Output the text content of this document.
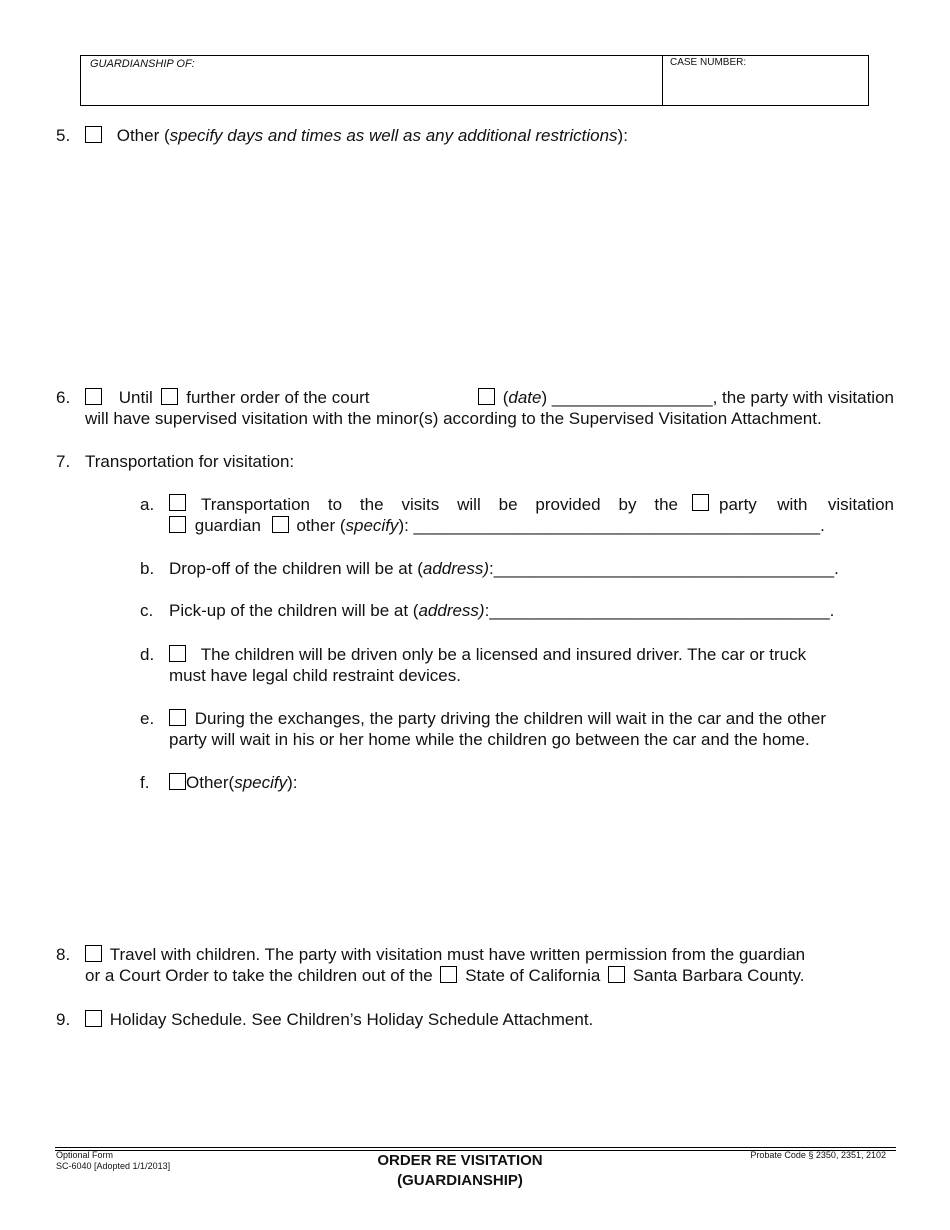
GUARDIANSHIP OF:	CASE NUMBER:
5.	Other (specify days and times as well as any additional restrictions):
6.	Until further order of the court	(date) _________________, the party with visitation
will have supervised visitation with the minor(s) according to the Supervised Visitation Attachment.
7. Transportation for visitation:
a.	Transportation to the visits will be provided by the party with visitation
guardian other (specify): ___________________________________________.
b. Drop-off of the children will be at (address):____________________________________.
c. Pick-up of the children will be at (address):____________________________________.
d.	The children will be driven only be a licensed and insured driver. The car or truck
must have legal child restraint devices.
e.	During the exchanges, the party driving the children will wait in the car and the other
party will wait in his or her home while the children go between the car and the home.
f.	Other(specify):
8.	Travel with children. The party with visitation must have written permission from the guardian
or a Court Order to take the children out of the State of California Santa Barbara County.
9.	Holiday Schedule. See Children’s Holiday Schedule Attachment.
Optional Form
SC-6040 [Adopted 1/1/2013]	ORDER RE VISITATION
(GUARDIANSHIP)
Probate Code § 2350, 2351, 2102
